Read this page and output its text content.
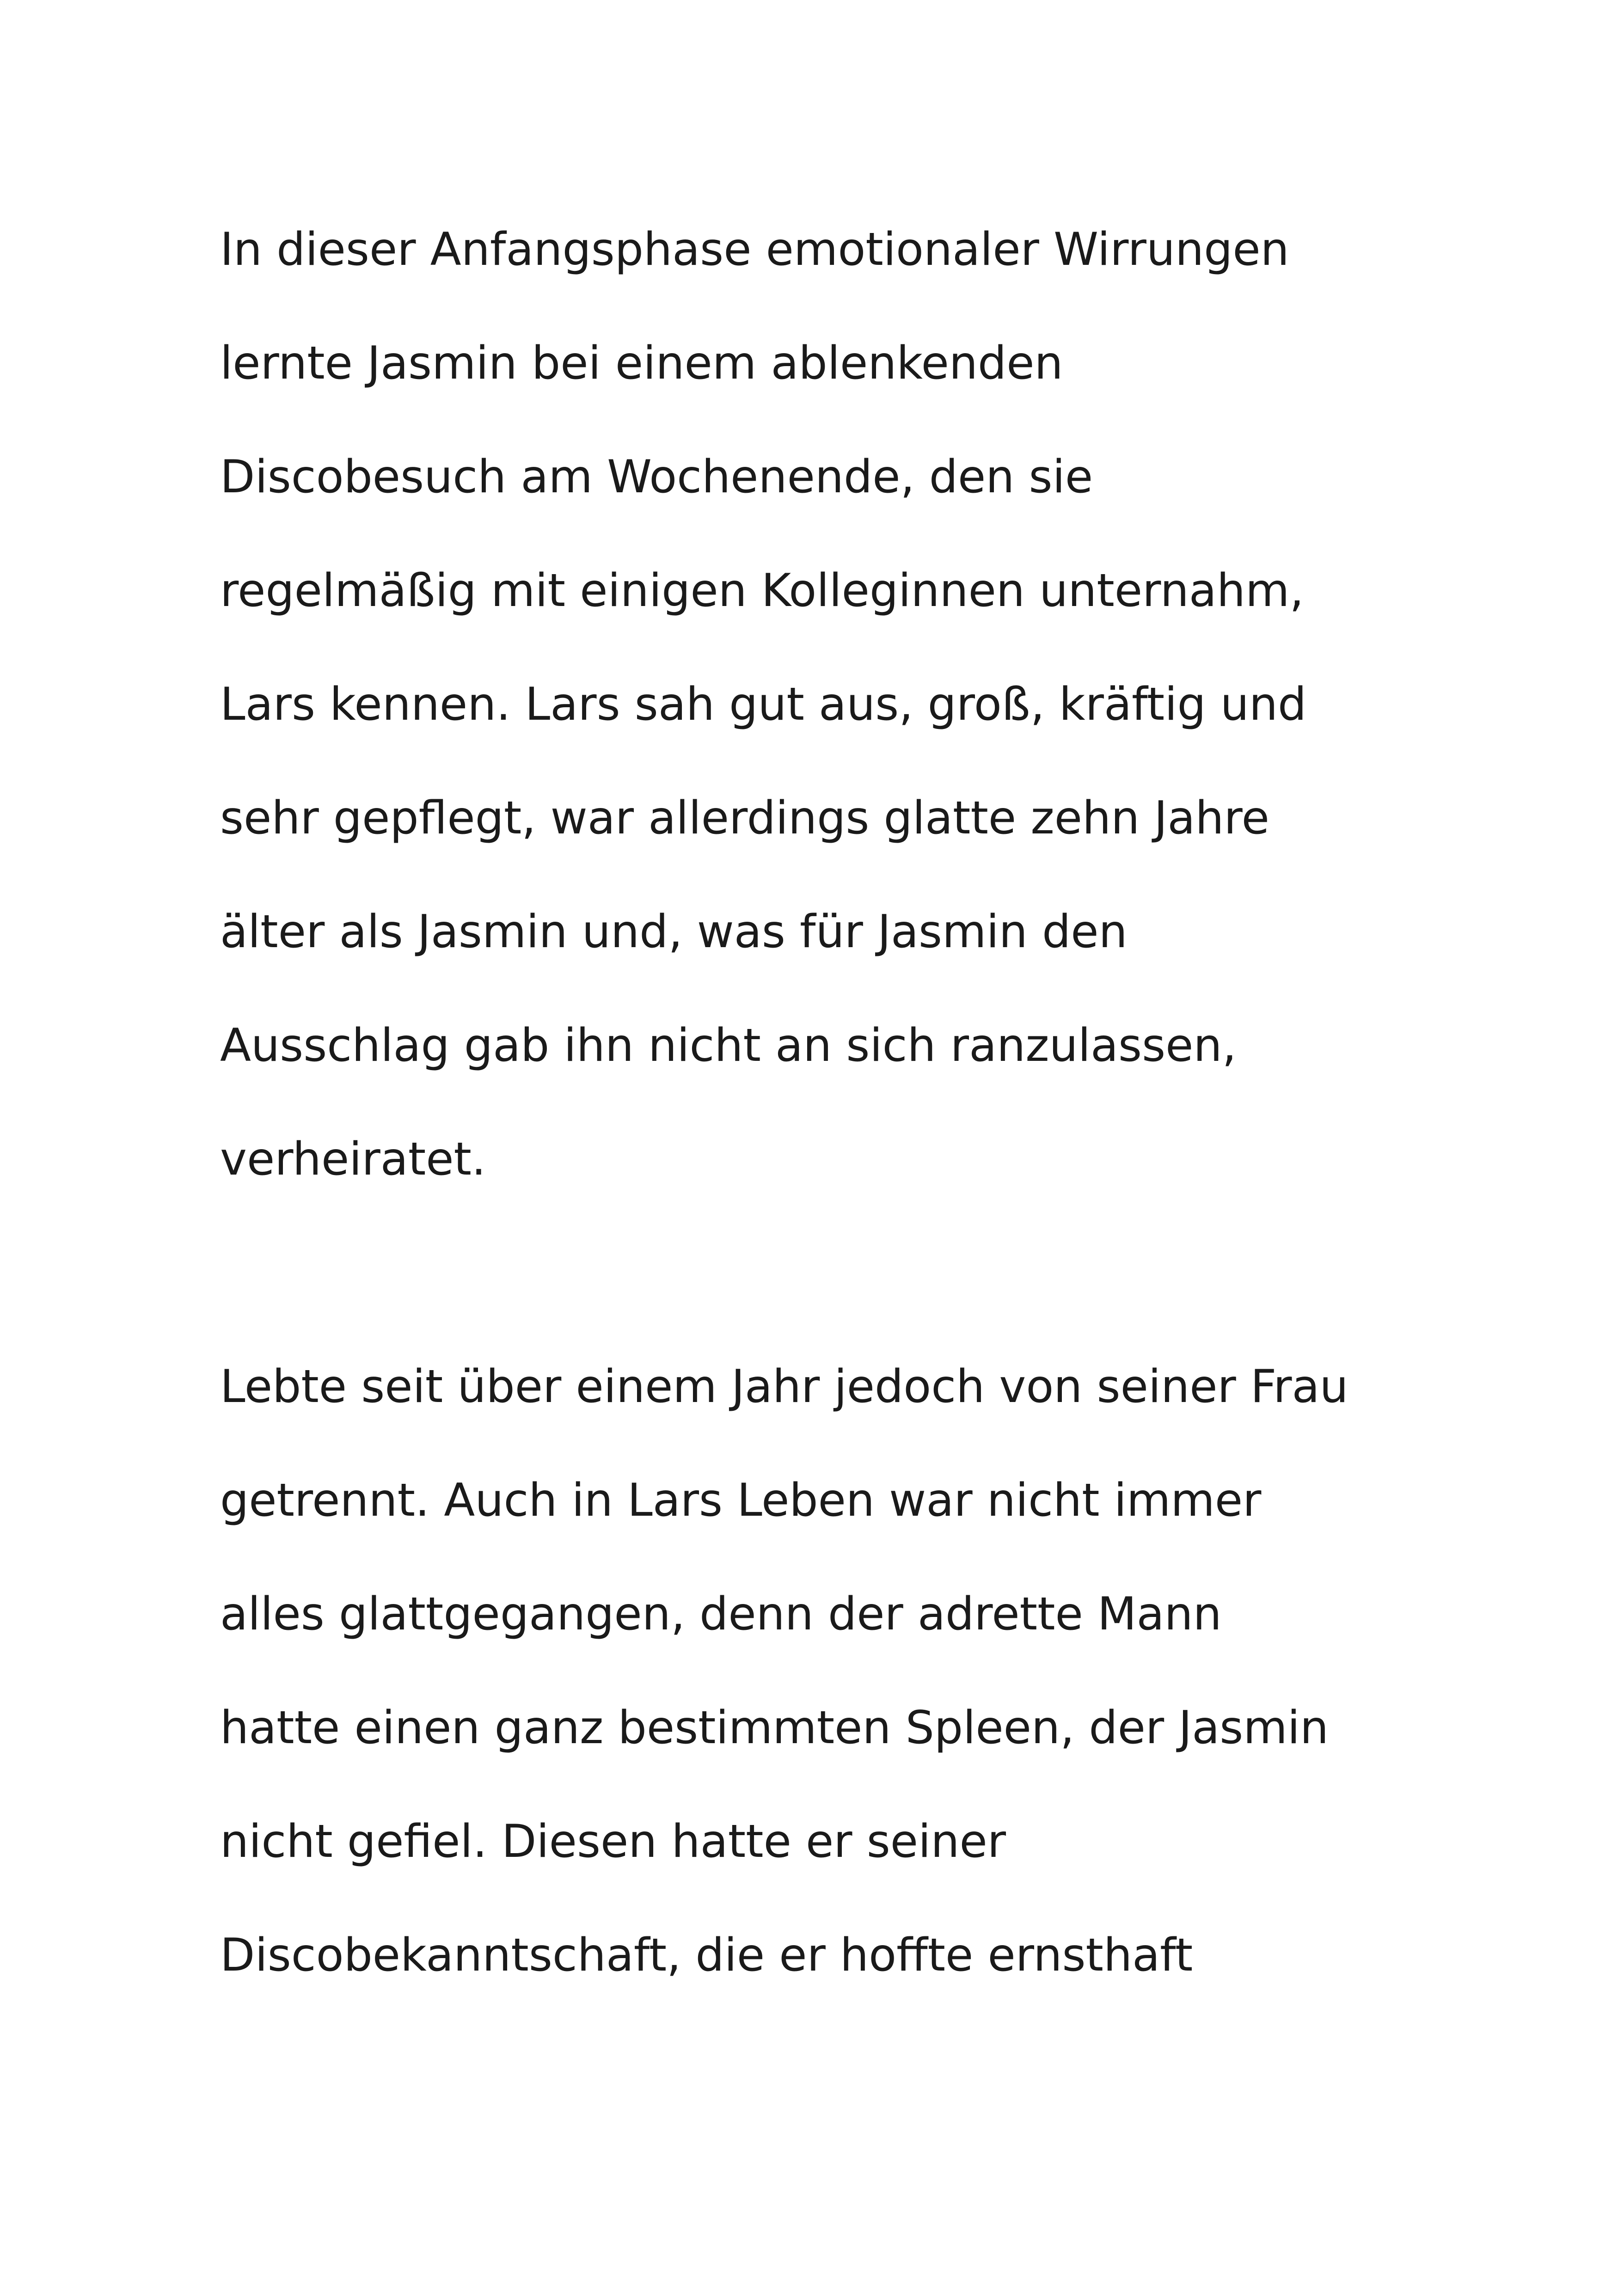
In dieser Anfangsphase emotionaler Wirrungen

lernte Jasmin bei einem ablenkenden

Discobesuch am Wochenende, den sie

regelmäßig mit einigen Kolleginnen unternahm,

Lars kennen. Lars sah gut aus, groß, kräftig und

sehr gepflegt, war allerdings glatte zehn Jahre

älter als Jasmin und, was für Jasmin den

Ausschlag gab ihn nicht an sich ranzulassen,

verheiratet.

Lebte seit über einem Jahr jedoch von seiner Frau

getrennt. Auch in Lars Leben war nicht immer

alles glattgegangen, denn der adrette Mann

hatte einen ganz bestimmten Spleen, der Jasmin

nicht gefiel. Diesen hatte er seiner

Discobekanntschaft, die er hoffte ernsthaft
